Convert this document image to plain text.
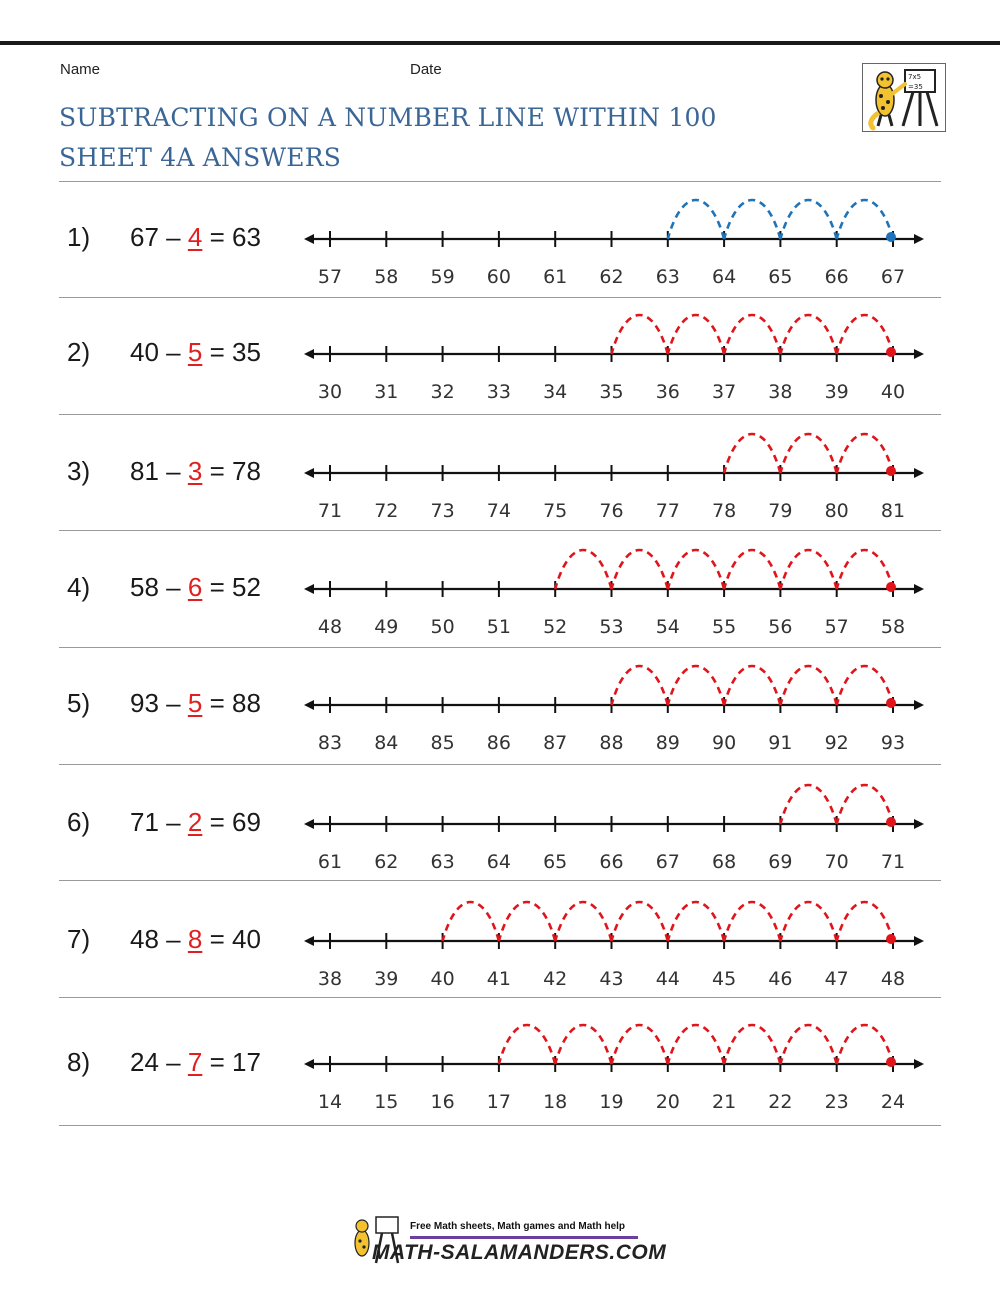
Name	Date
SUBTRACTING ON A NUMBER LINE WITHIN 100
SHEET 4A ANSWERS
7x5
=35
1) 67 – 4 = 63
57 58 59 60 61 62 63 64 65 66 67
2) 40 – 5 = 35
30 31 32 33 34 35 36 37 38 39 40
3) 81 – 3 = 78
71 72 73 74 75 76 77 78 79 80 81
4) 58 – 6 = 52
48 49 50 51 52 53 54 55 56 57 58
5) 93 – 5 = 88
83 84 85 86 87 88 89 90 91 92 93
6) 71 – 2 = 69
61 62 63 64 65 66 67 68 69 70 71
7) 48 – 8 = 40
38 39 40 41 42 43 44 45 46 47 48
8) 24 – 7 = 17
14 15 16 17 18 19 20 21 22 23 24
Free Math sheets, Math games and Math help
MATH-SALAMANDERS.COM
